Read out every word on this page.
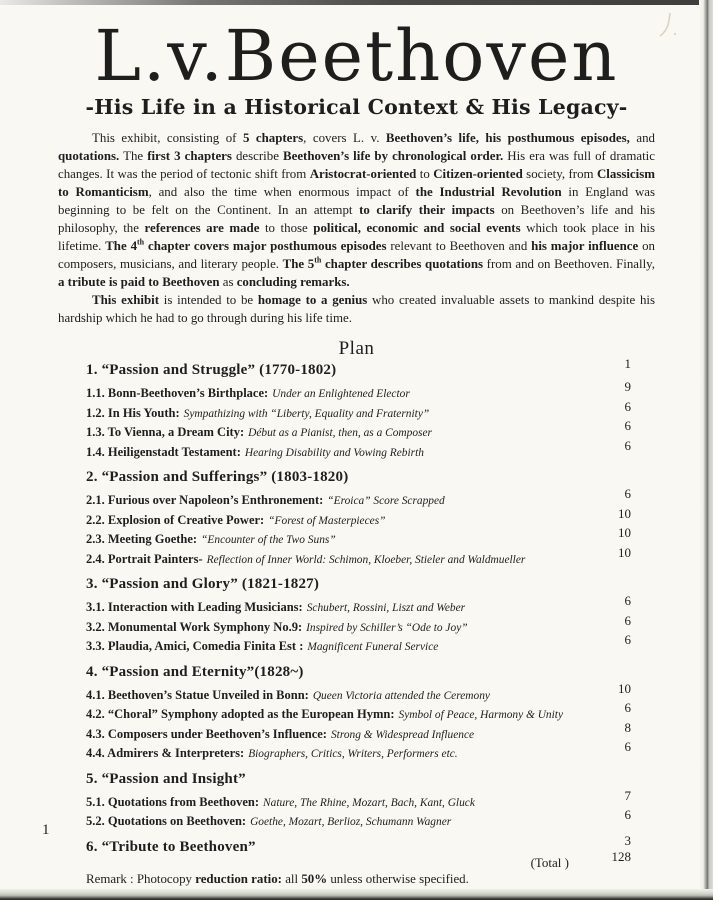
L.v.Beethoven
-His Life in a Historical Context & His Legacy-

This exhibit, consisting of 5 chapters, covers L. v. Beethoven’s life, his posthumous episodes, and quotations. The first 3 chapters describe Beethoven’s life by chronological order. His era was full of dramatic changes. It was the period of tectonic shift from Aristocrat-oriented to Citizen-oriented society, from Classicism to Romanticism, and also the time when enormous impact of the Industrial Revolution in England was beginning to be felt on the Continent. In an attempt to clarify their impacts on Beethoven’s life and his philosophy, the references are made to those political, economic and social events which took place in his lifetime. The 4th chapter covers major posthumous episodes relevant to Beethoven and his major influence on composers, musicians, and literary people. The 5th chapter describes quotations from and on Beethoven. Finally, a tribute is paid to Beethoven as concluding remarks.

This exhibit is intended to be homage to a genius who created invaluable assets to mankind despite his hardship which he had to go through during his life time.

Plan
1. “Passion and Struggle” (1770-1802)	1
1.1. Bonn-Beethoven’s Birthplace: Under an Enlightened Elector	9
1.2. In His Youth: Sympathizing with “Liberty, Equality and Fraternity”	6
1.3. To Vienna, a Dream City: Début as a Pianist, then, as a Composer	6
1.4. Heiligenstadt Testament: Hearing Disability and Vowing Rebirth	6
2. “Passion and Sufferings” (1803-1820)
2.1. Furious over Napoleon’s Enthronement: “Eroica” Score Scrapped	6
2.2. Explosion of Creative Power: “Forest of Masterpieces”	10
2.3. Meeting Goethe: “Encounter of the Two Suns”	10
2.4. Portrait Painters- Reflection of Inner World: Schimon, Kloeber, Stieler and Waldmueller	10
3. “Passion and Glory” (1821-1827)
3.1. Interaction with Leading Musicians: Schubert, Rossini, Liszt and Weber	6
3.2. Monumental Work Symphony No.9: Inspired by Schiller’s “Ode to Joy”	6
3.3. Plaudia, Amici, Comedia Finita Est : Magnificent Funeral Service	6
4. “Passion and Eternity”(1828~)
4.1. Beethoven’s Statue Unveiled in Bonn: Queen Victoria attended the Ceremony	10
4.2. “Choral” Symphony adopted as the European Hymn: Symbol of Peace, Harmony & Unity	6
4.3. Composers under Beethoven’s Influence: Strong & Widespread Influence	8
4.4. Admirers & Interpreters: Biographers, Critics, Writers, Performers etc.	6
5. “Passion and Insight”
5.1. Quotations from Beethoven: Nature, The Rhine, Mozart, Bach, Kant, Gluck	7
5.2. Quotations on Beethoven: Goethe, Mozart, Berlioz, Schumann Wagner	6
6. “Tribute to Beethoven”	3
(Total )	128
Remark : Photocopy reduction ratio: all 50% unless otherwise specified.
1
